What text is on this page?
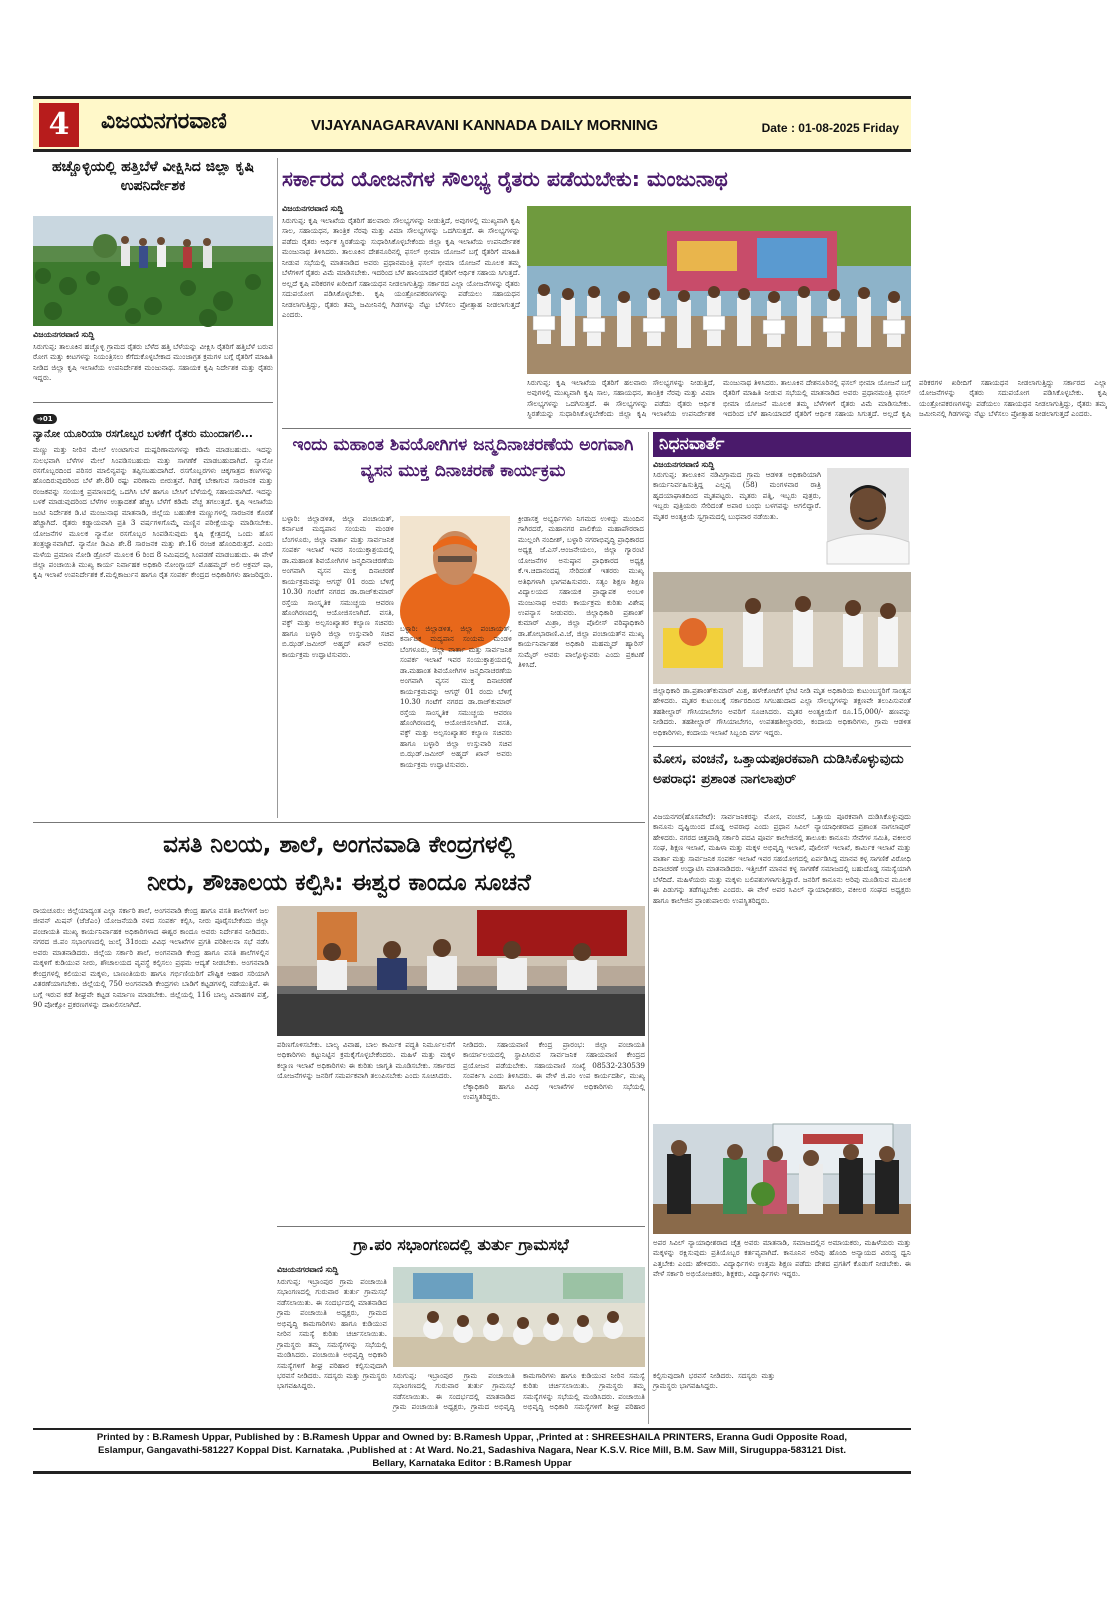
4	ವಿಜಯನಗರವಾಣಿ	VIJAYANAGARAVANI KANNADA DAILY MORNING	Date : 01-08-2025 Friday
ಹಚ್ಚೊಳ್ಳಿಯಲ್ಲಿ ಹತ್ತಿಬೆಳೆ ವೀಕ್ಷಿಸಿದ ಜಿಲ್ಲಾ ಕೃಷಿ ಉಪನಿರ್ದೇಶಕ
ವಿಜಯನಗರವಾಣಿ ಸುದ್ದಿ
ಸಿರುಗುಪ್ಪ: ತಾಲೂಕಿನ ಹಚ್ಚೊಳ್ಳಿ ಗ್ರಾಮದ ರೈತರು ಬೆಳೆದ ಹತ್ತಿ ಬೆಳೆಯನ್ನು ವೀಕ್ಷಿಸಿ ರೈತರಿಗೆ ಹತ್ತಿಬೆಳೆ ಬರುವ ರೋಗ ಮತ್ತು ಕೀಟಗಳನ್ನು ನಿಯಂತ್ರಿಸಲು ಕೆಗೆದುಕೊಳ್ಳಬೇಕಾದ ಮುಂಜಾಗ್ರತ ಕ್ರಮಗಳ ಬಗ್ಗೆ ರೈತರಿಗೆ ಮಾಹಿತಿ ನೀಡಿದ ಜಿಲ್ಲಾ ಕೃಷಿ ಇಲಾಖೆಯ ಉಪನಿರ್ದೇಶಕ ಮಂಜುನಾಥ. ಸಹಾಯಕ ಕೃಷಿ ನಿರ್ದೇಶಕ ಮತ್ತು ರೈತರು ಇದ್ದರು.
➔01
ನ್ಯಾನೋ ಯೂರಿಯಾ ರಸಗೊಬ್ಬರ ಬಳಕೆಗೆ ರೈತರು ಮುಂದಾಗಲಿ...
ಮಣ್ಣು ಮತ್ತು ನೀರಿನ ಮೇಲೆ ಉಂಟಾಗುವ ದುಷ್ಪರಿಣಾಮಗಳನ್ನು ಕಡಿಮೆ ಮಾಡಬಹುದು. ಇದನ್ನು ಸುಲಭವಾಗಿ ಬೆಳೆಗಳ ಮೇಲೆ ಸಿಂಪಡಿಸಬಹುದು ಮತ್ತು ಸಾಗಣೆಕೆ ಮಾಡಬಹುದಾಗಿದೆ. ನ್ಯಾನೋ ರಸಗೊಬ್ಬರದಿಂದ ಪರಿಸರ ಮಾಲಿನ್ಯವನ್ನು ತಪ್ಪಿಸಬಹುದಾಗಿದೆ. ರಸಗೊಬ್ಬರಗಳು ಚಿಕ್ಕಗಾತ್ರದ ಕಣಗಳನ್ನು ಹೊಂದಿರುವುದರಿಂದ ಬೆಳೆ ಶೇ.80 ರಷ್ಟು ಪರಿಣಾಮ ಬೀರುತ್ತವೆ. ಗಿಡಕ್ಕೆ ಬೇಕಾಗುವ ಸಾರಜನಕ ಮತ್ತು ರಂಜಕವನ್ನು ಸಂಯುಕ್ತ ಪ್ರಮಾಣದಲ್ಲಿ ಒದಗಿಸಿ ಬೆಳೆ ಹಾಗೂ ಬೇಸಿಗೆ ಬೆಳೆಯಲ್ಲಿ ಸಹಾಯವಾಗಿದೆ. ಇದನ್ನು ಬಳಕೆ ಮಾಡುವುದರಿಂದ ಬೆಳೆಗಳ ಉತ್ಪಾದಕತೆ ಹೆಚ್ಚಿಸಿ ಬೆಳೆಗೆ ಕಡಿಮೆ ವೆಚ್ಚ ತಗಲುತ್ತದೆ. ಕೃಷಿ ಇಲಾಖೆಯ ಜಂಟಿ ನಿರ್ದೇಶಕ ಡಿ.ಟಿ ಮಂಜುನಾಥ ಮಾತನಾಡಿ, ಜಿಲ್ಲೆಯ ಬಹುತೇಕ ಮಣ್ಣುಗಳಲ್ಲಿ ಸಾರಜನಕ ಕೊರತೆ ಹೆಚ್ಚಾಗಿದೆ. ರೈತರು ಕಡ್ಡಾಯವಾಗಿ ಪ್ರತಿ 3 ವರ್ಷಗಳಿಗೊಮ್ಮೆ ಮಣ್ಣಿನ ಪರೀಕ್ಷೆಯನ್ನು ಮಾಡಿಸಬೇಕು. ಯೋಜನೆಗಳ ಮೂಲಕ ನ್ಯಾನೋ ರಸಗೊಬ್ಬರ ಸಿಂಪಡಿಸುವುದು ಕೃಷಿ ಕ್ಷೇತ್ರದಲ್ಲಿ ಒಂದು ಹೊಸ ತಂತ್ರಜ್ಞಾನವಾಗಿದೆ. ನ್ಯಾನೋ ಡಿಎಪಿ ಶೇ.8 ಸಾರಜನಕ ಮತ್ತು ಶೇ.16 ರಂಜಕ ಹೊಂದಿರುತ್ತದೆ. ಎಂದು ಮಳೆಯ ಪ್ರಮಾಣ ನೋಡಿ ಡ್ರೋನ್ ಮೂಲಕ 6 ರಿಂದ 8 ನಿಮಿಷದಲ್ಲಿ ಸಿಂಪಡಣೆ ಮಾಡಬಹುದು. ಈ ವೇಳೆ ಜಿಲ್ಲಾ ಪಂಚಾಯಿತಿ ಮುಖ್ಯ ಕಾರ್ಯ ನಿರ್ವಾಹಕ ಅಧಿಕಾರಿ ನೋಂಗ್ಜಾಯ್ ಮೊಹಮ್ಮದ್ ಅಲಿ ಅಕ್ರಮ್ ಷಾ, ಕೃಷಿ ಇಲಾಖೆ ಉಪನಿರ್ದೇಶಕ ಕೆ.ಮಲ್ಲಿಕಾರ್ಜುನ ಹಾಗೂ ರೈತ ಸಂಪರ್ಕ ಕೇಂದ್ರದ ಅಧಿಕಾರಿಗಳು ಹಾಜರಿದ್ದರು.
ಸರ್ಕಾರದ ಯೋಜನೆಗಳ ಸೌಲಭ್ಯ ರೈತರು ಪಡೆಯಬೇಕು: ಮಂಜುನಾಥ
ವಿಜಯನಗರವಾಣಿ ಸುದ್ದಿ
ಸಿರುಗುಪ್ಪ: ಕೃಷಿ ಇಲಾಖೆಯ ರೈತರಿಗೆ ಹಲವಾರು ಸೌಲಭ್ಯಗಳನ್ನು ನೀಡುತ್ತಿದೆ, ಅವುಗಳಲ್ಲಿ ಮುಖ್ಯವಾಗಿ ಕೃಷಿ ಸಾಲ, ಸಹಾಯಧನ, ತಾಂತ್ರಿಕ ನೆರವು ಮತ್ತು ವಿಮಾ ಸೌಲಭ್ಯಗಳನ್ನು ಒದಗಿಸುತ್ತದೆ. ಈ ಸೌಲಭ್ಯಗಳನ್ನು ಪಡೆದು ರೈತರು ಆರ್ಥಿಕ ಸ್ಥಿರತೆಯನ್ನು ಸುಧಾರಿಸಿಕೊಳ್ಳಬೇಕೆಂದು ಜಿಲ್ಲಾ ಕೃಷಿ ಇಲಾಖೆಯ ಉಪನಿರ್ದೇಶಕ ಮಂಜುನಾಥ ತಿಳಿಸಿದರು. ತಾಲೂಕಿನ ದೇಶನೂರಿನಲ್ಲಿ ಫಸಲ್ ಭೀಮಾ ಯೋಜನೆ ಬಗ್ಗೆ ರೈತರಿಗೆ ಮಾಹಿತಿ ನೀಡುವ ಸಭೆಯಲ್ಲಿ ಮಾತನಾಡಿದ ಅವರು ಪ್ರಧಾನಮಂತ್ರಿ ಫಸಲ್ ಭೀಮಾ ಯೋಜನೆ ಮೂಲಕ ತಮ್ಮ ಬೆಳೆಗಳಿಗೆ ರೈತರು ವಿಮೆ ಮಾಡಿಸಬೇಕು. ಇದರಿಂದ ಬೆಳೆ ಹಾನಿಯಾದರೆ ರೈತರಿಗೆ ಆರ್ಥಿಕ ಸಹಾಯ ಸಿಗುತ್ತದೆ. ಅಲ್ಲದೆ ಕೃಷಿ ಪರಿಕರಗಳ ಖರೀದಿಗೆ ಸಹಾಯಧನ ನೀಡಲಾಗುತ್ತಿದ್ದು ಸರ್ಕಾರದ ಎಲ್ಲಾ ಯೋಜನೆಗಳನ್ನು ರೈತರು ಸದುಪಯೋಗ ಪಡಿಸಿಕೊಳ್ಳಬೇಕು. ಕೃಷಿ ಯಂತ್ರೋಪಕರಣಗಳನ್ನು ಪಡೆಯಲು ಸಹಾಯಧನ ನೀಡಲಾಗುತ್ತಿದ್ದು, ರೈತರು ತಮ್ಮ ಜಮೀನಿನಲ್ಲಿ ಗಿಡಗಳನ್ನು ನೆಟ್ಟು ಬೆಳೆಸಲು ಪ್ರೋತ್ಸಾಹ ನೀಡಲಾಗುತ್ತದೆ ಎಂದರು.
ಸಿರುಗುಪ್ಪ: ಕೃಷಿ ಇಲಾಖೆಯ ರೈತರಿಗೆ ಹಲವಾರು ಸೌಲಭ್ಯಗಳನ್ನು ನೀಡುತ್ತಿದೆ, ಅವುಗಳಲ್ಲಿ ಮುಖ್ಯವಾಗಿ ಕೃಷಿ ಸಾಲ, ಸಹಾಯಧನ, ತಾಂತ್ರಿಕ ನೆರವು ಮತ್ತು ವಿಮಾ ಸೌಲಭ್ಯಗಳನ್ನು ಒದಗಿಸುತ್ತದೆ. ಈ ಸೌಲಭ್ಯಗಳನ್ನು ಪಡೆದು ರೈತರು ಆರ್ಥಿಕ ಸ್ಥಿರತೆಯನ್ನು ಸುಧಾರಿಸಿಕೊಳ್ಳಬೇಕೆಂದು ಜಿಲ್ಲಾ ಕೃಷಿ ಇಲಾಖೆಯ ಉಪನಿರ್ದೇಶಕ ಮಂಜುನಾಥ ತಿಳಿಸಿದರು. ತಾಲೂಕಿನ ದೇಶನೂರಿನಲ್ಲಿ ಫಸಲ್ ಭೀಮಾ ಯೋಜನೆ ಬಗ್ಗೆ ರೈತರಿಗೆ ಮಾಹಿತಿ ನೀಡುವ ಸಭೆಯಲ್ಲಿ ಮಾತನಾಡಿದ ಅವರು ಪ್ರಧಾನಮಂತ್ರಿ ಫಸಲ್ ಭೀಮಾ ಯೋಜನೆ ಮೂಲಕ ತಮ್ಮ ಬೆಳೆಗಳಿಗೆ ರೈತರು ವಿಮೆ ಮಾಡಿಸಬೇಕು. ಇದರಿಂದ ಬೆಳೆ ಹಾನಿಯಾದರೆ ರೈತರಿಗೆ ಆರ್ಥಿಕ ಸಹಾಯ ಸಿಗುತ್ತದೆ. ಅಲ್ಲದೆ ಕೃಷಿ ಪರಿಕರಗಳ ಖರೀದಿಗೆ ಸಹಾಯಧನ ನೀಡಲಾಗುತ್ತಿದ್ದು ಸರ್ಕಾರದ ಎಲ್ಲಾ ಯೋಜನೆಗಳನ್ನು ರೈತರು ಸದುಪಯೋಗ ಪಡಿಸಿಕೊಳ್ಳಬೇಕು. ಕೃಷಿ ಯಂತ್ರೋಪಕರಣಗಳನ್ನು ಪಡೆಯಲು ಸಹಾಯಧನ ನೀಡಲಾಗುತ್ತಿದ್ದು, ರೈತರು ತಮ್ಮ ಜಮೀನಿನಲ್ಲಿ ಗಿಡಗಳನ್ನು ನೆಟ್ಟು ಬೆಳೆಸಲು ಪ್ರೋತ್ಸಾಹ ನೀಡಲಾಗುತ್ತದೆ ಎಂದರು.
ಇಂದು ಮಹಾಂತ ಶಿವಯೋಗಿಗಳ ಜನ್ಮದಿನಾಚರಣೆಯ ಅಂಗವಾಗಿ ವ್ಯಸನ ಮುಕ್ತ ದಿನಾಚರಣೆ ಕಾರ್ಯಕ್ರಮ
ಬಳ್ಳಾರಿ: ಜಿಲ್ಲಾಡಳಿತ, ಜಿಲ್ಲಾ ಪಂಚಾಯತ್, ಕರ್ನಾಟಕ ಮದ್ಯಪಾನ ಸಂಯಮ ಮಂಡಳಿ ಬೆಂಗಳೂರು, ಜಿಲ್ಲಾ ವಾರ್ತಾ ಮತ್ತು ಸಾರ್ವಜನಿಕ ಸಂಪರ್ಕ ಇಲಾಖೆ ಇವರ ಸಂಯುಕ್ತಾಶ್ರಯದಲ್ಲಿ ಡಾ.ಮಹಾಂತ ಶಿವಯೋಗಿಗಳ ಜನ್ಮದಿನಾಚರಣೆಯ ಅಂಗವಾಗಿ ವ್ಯಸನ ಮುಕ್ತ ದಿನಾಚರಣೆ ಕಾರ್ಯಕ್ರಮವನ್ನು ಆಗಸ್ಟ್ 01 ರಂದು ಬೆಳಿಗ್ಗೆ 10.30 ಗಂಟೆಗೆ ನಗರದ ಡಾ.ರಾಜ್‌ಕುಮಾರ್ ರಸ್ತೆಯ ಸಾಂಸ್ಕೃತಿಕ ಸಮುಚ್ಚಯ ಆವರಣ ಹೊಂಗಿರಣದಲ್ಲಿ ಆಯೋಜಿಸಲಾಗಿದೆ. ವಸತಿ, ವಕ್ಫ್ ಮತ್ತು ಅಲ್ಪಸಂಖ್ಯಾತರ ಕಲ್ಯಾಣ ಸಚಿವರು ಹಾಗೂ ಬಳ್ಳಾರಿ ಜಿಲ್ಲಾ ಉಸ್ತುವಾರಿ ಸಚಿವ ಬಿ.ಝಡ್.ಜಮೀರ್ ಅಹ್ಮದ್ ಖಾನ್ ಅವರು ಕಾರ್ಯಕ್ರಮ ಉದ್ಘಾಟಿಸುವರು.
ಬಳ್ಳಾರಿ: ಜಿಲ್ಲಾಡಳಿತ, ಜಿಲ್ಲಾ ಪಂಚಾಯತ್, ಕರ್ನಾಟಕ ಮದ್ಯಪಾನ ಸಂಯಮ ಮಂಡಳಿ ಬೆಂಗಳೂರು, ಜಿಲ್ಲಾ ವಾರ್ತಾ ಮತ್ತು ಸಾರ್ವಜನಿಕ ಸಂಪರ್ಕ ಇಲಾಖೆ ಇವರ ಸಂಯುಕ್ತಾಶ್ರಯದಲ್ಲಿ ಡಾ.ಮಹಾಂತ ಶಿವಯೋಗಿಗಳ ಜನ್ಮದಿನಾಚರಣೆಯ ಅಂಗವಾಗಿ ವ್ಯಸನ ಮುಕ್ತ ದಿನಾಚರಣೆ ಕಾರ್ಯಕ್ರಮವನ್ನು ಆಗಸ್ಟ್ 01 ರಂದು ಬೆಳಿಗ್ಗೆ 10.30 ಗಂಟೆಗೆ ನಗರದ ಡಾ.ರಾಜ್‌ಕುಮಾರ್ ರಸ್ತೆಯ ಸಾಂಸ್ಕೃತಿಕ ಸಮುಚ್ಚಯ ಆವರಣ ಹೊಂಗಿರಣದಲ್ಲಿ ಆಯೋಜಿಸಲಾಗಿದೆ. ವಸತಿ, ವಕ್ಫ್ ಮತ್ತು ಅಲ್ಪಸಂಖ್ಯಾತರ ಕಲ್ಯಾಣ ಸಚಿವರು ಹಾಗೂ ಬಳ್ಳಾರಿ ಜಿಲ್ಲಾ ಉಸ್ತುವಾರಿ ಸಚಿವ ಬಿ.ಝಡ್.ಜಮೀರ್ ಅಹ್ಮದ್ ಖಾನ್ ಅವರು ಕಾರ್ಯಕ್ರಮ ಉದ್ಘಾಟಿಸುವರು.
ಕ್ರೀಡಾಸಕ್ತ ಅಭ್ಯರ್ಥಿಗಳು ನಿಗಮದ ಉಳಿದ್ದು ಮುಂದಿನ ಗಾಗಿರದರೆ, ಮಹಾನಗರ ಪಾಲಿಕೆಯ ಮಹಾಪೌರರಾದ ಮುಲ್ಲಂಗಿ ನಂದೀಶ್, ಬಳ್ಳಾರಿ ನಗರಾಭಿವೃದ್ಧಿ ಪ್ರಾಧಿಕಾರದ ಅಧ್ಯಕ್ಷ ಜೆ.ಎಸ್.ಆಂಜನೇಯಲು, ಜಿಲ್ಲಾ ಗ್ಯಾರಂಟಿ ಯೋಜನೆಗಳ ಅನುಷ್ಠಾನ ಪ್ರಾಧಿಕಾರದ ಅಧ್ಯಕ್ಷ ಕೆ.ಇ.ಚಿದಾನಂದಪ್ಪ ಸೇರಿದಂತೆ ಇತರರು ಮುಖ್ಯ ಅತಿಥಿಗಳಾಗಿ ಭಾಗವಹಿಸುವರು. ಸತ್ಯಂ ಶಿಕ್ಷಣ ಶಿಕ್ಷಣ ವಿದ್ಯಾಲಯದ ಸಹಾಯಕ ಪ್ರಾಧ್ಯಾಪಕ ಅಂಬಳಿ ಮಂಜುನಾಥ ಅವರು ಕಾರ್ಯಕ್ರಮ ಕುರಿತು ವಿಶೇಷ ಉಪನ್ಯಾಸ ನೀಡುವರು. ಜಿಲ್ಲಾಧಿಕಾರಿ ಪ್ರಶಾಂತ್ ಕುಮಾರ್ ಮಿಶ್ರಾ, ಜಿಲ್ಲಾ ಪೊಲೀಸ್ ವರಿಷ್ಠಾಧಿಕಾರಿ ಡಾ.ಶೋಭಾರಾಣಿ.ವಿ.ಜೆ, ಜಿಲ್ಲಾ ಪಂಚಾಯತ್‌ನ ಮುಖ್ಯ ಕಾರ್ಯನಿರ್ವಾಹಕ ಅಧಿಕಾರಿ ಮಹಮ್ಮದ್ ಹ್ಯಾರಿಸ್ ಸುಮೈರ್ ಅವರು ಪಾಲ್ಗೊಳ್ಳುವರು ಎಂದು ಪ್ರಕಟಣೆ ತಿಳಿಸಿದೆ.
ನಿಧನವಾರ್ತೆ
ವಿಜಯನಗರವಾಣಿ ಸುದ್ದಿ
ಸಿರುಗುಪ್ಪ: ತಾಲೂಕಿನ ನಡಿವಿಗ್ರಾಮದ ಗ್ರಾಮ ಆಡಳಿತ ಅಧಿಕಾರಿಯಾಗಿ ಕಾರ್ಯನಿರ್ವಹಿಸುತ್ತಿದ್ದ ಎಲ್ಲಪ್ಪ (58) ಮಂಗಳವಾರ ರಾತ್ರಿ ಹೃದಯಾಘಾತದಿಂದ ಮೃತಪಟ್ಟರು. ಮೃತರು ಪತ್ನಿ, ಇಬ್ಬರು ಪುತ್ರರು, ಇಬ್ಬರು ಪುತ್ರಿಯರು ಸೇರಿದಂತೆ ಅಪಾರ ಬಂಧು ಬಳಗವನ್ನು ಅಗಲಿದ್ದಾರೆ. ಮೃತರ ಅಂತ್ಯಕ್ರಿಯೆ ಸ್ವಗ್ರಾಮದಲ್ಲಿ ಬುಧವಾರ ನಡೆಯಿತು.
ಜಿಲ್ಲಾಧಿಕಾರಿ ಡಾ.ಪ್ರಶಾಂತ್‌ಕುಮಾರ್ ಮಿಶ್ರ, ಹಳೇಕೋಟೆಗೆ ಭೇಟಿ ನೀಡಿ ಮೃತ ಅಧಿಕಾರಿಯ ಕುಟುಂಬಸ್ಥರಿಗೆ ಸಾಂತ್ವನ ಹೇಳಿದರು. ಮೃತರ ಕುಟುಂಬಕ್ಕೆ ಸರ್ಕಾರದಿಂದ ಸಿಗಬಹುದಾದ ಎಲ್ಲಾ ಸೌಲಭ್ಯಗಳನ್ನು ತಕ್ಷಣವೇ ತಲುಪಿಸುವಂತೆ ತಹಶೀಲ್ದಾರ್ ಗೌಸಿಯಾಬೇಗಂ ಅವರಿಗೆ ಸೂಚಿಸಿದರು. ಮೃತರ ಅಂತ್ಯಕ್ರಿಯೆಗೆ ರೂ.15,000/- ಹಣವನ್ನು ನೀಡಿದರು. ತಹಶೀಲ್ದಾರ್ ಗೌಸಿಯಾಬೇಗಂ, ಉಪತಹಶೀಲ್ದಾರರು, ಕಂದಾಯ ಅಧಿಕಾರಿಗಳು, ಗ್ರಾಮ ಆಡಳಿತ ಅಧಿಕಾರಿಗಳು, ಕಂದಾಯ ಇಲಾಖೆ ಸಿಬ್ಬಂದಿ ವರ್ಗ ಇದ್ದರು.
ಮೋಸ, ವಂಚನೆ, ಒತ್ತಾಯಪೂರಕವಾಗಿ ದುಡಿಸಿಕೊಳ್ಳುವುದು ಅಪರಾಧ: ಪ್ರಶಾಂತ ನಾಗಲಾಪುರ್
ವಿಜಯನಗರ(ಹೊಸಪೇಟೆ): ಸಾರ್ವಜನಿಕರನ್ನು ಮೋಸ, ವಂಚನೆ, ಒತ್ತಾಯ ಪೂರಕವಾಗಿ ದುಡಿಸಿಕೊಳ್ಳುವುದು ಕಾನೂನು ದೃಷ್ಟಿಯಿಂದ ದೊಡ್ಡ ಅಪರಾಧ ಎಂದು ಪ್ರಧಾನ ಸಿವಿಲ್ ನ್ಯಾಯಾಧೀಶರಾದ ಪ್ರಶಾಂತ ನಾಗಲಾಪುರ್ ಹೇಳಿದರು. ನಗರದ ಚಿತ್ತವಾಡ್ಗಿ ಸರ್ಕಾರಿ ಪದವಿ ಪೂರ್ವ ಕಾಲೇಜಿನಲ್ಲಿ ತಾಲೂಕು ಕಾನೂನು ಸೇವೆಗಳ ಸಮಿತಿ, ವಕೀಲರ ಸಂಘ, ಶಿಕ್ಷಣ ಇಲಾಖೆ, ಮಹಿಳಾ ಮತ್ತು ಮಕ್ಕಳ ಅಭಿವೃದ್ಧಿ ಇಲಾಖೆ, ಪೊಲೀಸ್ ಇಲಾಖೆ, ಕಾರ್ಮಿಕ ಇಲಾಖೆ ಮತ್ತು ವಾರ್ತಾ ಮತ್ತು ಸಾರ್ವಜನಿಕ ಸಂಪರ್ಕ ಇಲಾಖೆ ಇವರ ಸಹಯೋಗದಲ್ಲಿ ಏರ್ಪಡಿಸಿದ್ದ ಮಾನವ ಕಳ್ಳ ಸಾಗಣಿಕೆ ವಿರೋಧಿ ದಿನಾಚರಣೆ ಉದ್ಘಾಟಿಸಿ ಮಾತನಾಡಿದರು. ಇತ್ತೀಚೆಗೆ ಮಾನವ ಕಳ್ಳ ಸಾಗಣೆಕೆ ಸಮಾಜದಲ್ಲಿ ಬಹುದೊಡ್ಡ ಸಮಸ್ಯೆಯಾಗಿ ಬೆಳೆದಿದೆ. ಮಹಿಳೆಯರು ಮತ್ತು ಮಕ್ಕಳು ಬಲಿಪಶುಗಳಾಗುತ್ತಿದ್ದಾರೆ. ಜನರಿಗೆ ಕಾನೂನು ಅರಿವು ಮೂಡಿಸುವ ಮೂಲಕ ಈ ಪಿಡುಗನ್ನು ತಡೆಗಟ್ಟಬೇಕು ಎಂದರು. ಈ ವೇಳೆ ಅಪರ ಸಿವಿಲ್ ನ್ಯಾಯಾಧೀಶರು, ವಕೀಲರ ಸಂಘದ ಅಧ್ಯಕ್ಷರು ಹಾಗೂ ಕಾಲೇಜಿನ ಪ್ರಾಂಶುಪಾಲರು ಉಪಸ್ಥಿತರಿದ್ದರು.
ಅಪರ ಸಿವಿಲ್ ನ್ಯಾಯಾಧೀಶರಾದ ಚೈತ್ರ ಅವರು ಮಾತನಾಡಿ, ಸಮಾಜದಲ್ಲಿನ ಅಮಾಯಕರು, ಮಹಿಳೆಯರು ಮತ್ತು ಮಕ್ಕಳನ್ನು ರಕ್ಷಿಸುವುದು ಪ್ರತಿಯೊಬ್ಬರ ಕರ್ತವ್ಯವಾಗಿದೆ. ಕಾನೂನಿನ ಅರಿವು ಹೊಂದಿ ಅನ್ಯಾಯದ ವಿರುದ್ಧ ಧ್ವನಿ ಎತ್ತಬೇಕು ಎಂದು ಹೇಳಿದರು. ವಿದ್ಯಾರ್ಥಿಗಳು ಉತ್ತಮ ಶಿಕ್ಷಣ ಪಡೆದು ದೇಶದ ಪ್ರಗತಿಗೆ ಕೊಡುಗೆ ನೀಡಬೇಕು. ಈ ವೇಳೆ ಸರ್ಕಾರಿ ಅಭಿಯೋಜಕರು, ಶಿಕ್ಷಕರು, ವಿದ್ಯಾರ್ಥಿಗಳು ಇದ್ದರು.
ವಸತಿ ನಿಲಯ, ಶಾಲೆ, ಅಂಗನವಾಡಿ ಕೇಂದ್ರಗಳಲ್ಲಿ
ನೀರು, ಶೌಚಾಲಯ ಕಲ್ಪಿಸಿ: ಈಶ್ವರ ಕಾಂದೂ ಸೂಚನೆ
ರಾಯಚೂರು: ಜಿಲ್ಲೆಯಾದ್ಯಂತ ಎಲ್ಲಾ ಸರ್ಕಾರಿ ಶಾಲೆ, ಅಂಗನವಾಡಿ ಕೇಂದ್ರ ಹಾಗೂ ವಸತಿ ಶಾಲೆಗಳಿಗೆ ಜಲ ಜೀವನ್ ಮಿಷನ್ (ಜೆಜೆಎಂ) ಯೋಜನೆಯಡಿ ನಳದ ಸಂಪರ್ಕ ಕಲ್ಪಿಸಿ, ನೀರು ಪೂರೈಸಬೇಕೆಂದು ಜಿಲ್ಲಾ ಪಂಚಾಯತಿ ಮುಖ್ಯ ಕಾರ್ಯನಿರ್ವಾಹಕ ಅಧಿಕಾರಿಗಳಾದ ಈಶ್ವರ ಕಾಂದೂ ಅವರು ನಿರ್ದೇಶನ ನೀಡಿದರು. ನಗರದ ಜಿ.ಪಂ ಸಭಾಂಗಣದಲ್ಲಿ ಜುಲೈ 31ರಂದು ವಿವಿಧ ಇಲಾಖೆಗಳ ಪ್ರಗತಿ ಪರಿಶೀಲನಾ ಸಭೆ ನಡೆಸಿ ಅವರು ಮಾತನಾಡಿದರು. ಜಿಲ್ಲೆಯ ಸರ್ಕಾರಿ ಶಾಲೆ, ಅಂಗನವಾಡಿ ಕೇಂದ್ರ ಹಾಗೂ ವಸತಿ ಶಾಲೆಗಳಲ್ಲಿನ ಮಕ್ಕಳಿಗೆ ಕುಡಿಯುವ ನೀರು, ಶೌಚಾಲಯದ ವ್ಯವಸ್ಥೆ ಕಲ್ಪಿಸಲು ಪ್ರಥಮ ಆದ್ಯತೆ ನೀಡಬೇಕು. ಅಂಗನವಾಡಿ ಕೇಂದ್ರಗಳಲ್ಲಿ ಕಲಿಯುವ ಮಕ್ಕಳು, ಬಾಣಂತಿಯರು ಹಾಗೂ ಗರ್ಭಿಣಿಯರಿಗೆ ಪೌಷ್ಟಿಕ ಆಹಾರ ಸರಿಯಾಗಿ ವಿತರಣೆಯಾಗಬೇಕು. ಜಿಲ್ಲೆಯಲ್ಲಿ 750 ಅಂಗನವಾಡಿ ಕೇಂದ್ರಗಳು ಬಾಡಿಗೆ ಕಟ್ಟಡಗಳಲ್ಲಿ ನಡೆಯುತ್ತಿವೆ. ಈ ಬಗ್ಗೆ ಇರುವ ಕಡೆ ಶೀಘ್ರವೇ ಕಟ್ಟಡ ನಿರ್ಮಾಣ ಮಾಡಬೇಕು. ಜಿಲ್ಲೆಯಲ್ಲಿ 116 ಬಾಲ್ಯ ವಿವಾಹಗಳ ಪತ್ತೆ, 90 ಪೋಕ್ಸೋ ಪ್ರಕರಣಗಳನ್ನು ದಾಖಲಿಸಲಾಗಿದೆ.
ಪರಿಣಗೊಳಿಸಬೇಕು. ಬಾಲ್ಯ ವಿವಾಹ, ಬಾಲ ಕಾರ್ಮಿಕ ಪದ್ಧತಿ ನಿರ್ಮೂಲನೆಗೆ ಅಧಿಕಾರಿಗಳು ಕಟ್ಟುನಿಟ್ಟಿನ ಕ್ರಮಕೈಗೊಳ್ಳಬೇಕೆಂದರು. ಮಹಿಳೆ ಮತ್ತು ಮಕ್ಕಳ ಕಲ್ಯಾಣ ಇಲಾಖೆ ಅಧಿಕಾರಿಗಳು ಈ ಕುರಿತು ಜಾಗೃತಿ ಮೂಡಿಸಬೇಕು. ಸರ್ಕಾರದ ಯೋಜನೆಗಳನ್ನು ಜನರಿಗೆ ಸಮರ್ಪಕವಾಗಿ ತಲುಪಿಸಬೇಕು ಎಂದು ಸೂಚಿಸಿದರು.
ನೀಡಿದರು. ಸಹಾಯವಾಣಿ ಕೇಂದ್ರ ಪ್ರಾರಂಭ: ಜಿಲ್ಲಾ ಪಂಚಾಯತಿ ಕಾರ್ಯಾಲಯದಲ್ಲಿ ಸ್ಥಾಪಿಸಿರುವ ಸಾರ್ವಜನಿಕ ಸಹಾಯವಾಣಿ ಕೇಂದ್ರದ ಪ್ರಯೋಜನ ಪಡೆಯಬೇಕು. ಸಹಾಯವಾಣಿ ಸಂಖ್ಯೆ 08532-230539 ಸಂಪರ್ಕಿಸಿ ಎಂದು ತಿಳಿಸಿದರು. ಈ ವೇಳೆ ಜಿ.ಪಂ ಉಪ ಕಾರ್ಯದರ್ಶಿ, ಮುಖ್ಯ ಲೆಕ್ಕಾಧಿಕಾರಿ ಹಾಗೂ ವಿವಿಧ ಇಲಾಖೆಗಳ ಅಧಿಕಾರಿಗಳು ಸಭೆಯಲ್ಲಿ ಉಪಸ್ಥಿತರಿದ್ದರು.
ಗ್ರಾ.ಪಂ ಸಭಾಂಗಣದಲ್ಲಿ ತುರ್ತು ಗ್ರಾಮಸಭೆ
ವಿಜಯನಗರವಾಣಿ ಸುದ್ದಿ
ಸಿರುಗುಪ್ಪ: ಇಬ್ರಾಂಪುರ ಗ್ರಾಮ ಪಂಚಾಯಿತಿ ಸಭಾಂಗಣದಲ್ಲಿ ಗುರುವಾರ ತುರ್ತು ಗ್ರಾಮಸಭೆ ನಡೆಸಲಾಯಿತು. ಈ ಸಂದರ್ಭದಲ್ಲಿ ಮಾತನಾಡಿದ ಗ್ರಾಮ ಪಂಚಾಯಿತಿ ಅಧ್ಯಕ್ಷರು, ಗ್ರಾಮದ ಅಭಿವೃದ್ಧಿ ಕಾಮಗಾರಿಗಳು ಹಾಗೂ ಕುಡಿಯುವ ನೀರಿನ ಸಮಸ್ಯೆ ಕುರಿತು ಚರ್ಚಿಸಲಾಯಿತು. ಗ್ರಾಮಸ್ಥರು ತಮ್ಮ ಸಮಸ್ಯೆಗಳನ್ನು ಸಭೆಯಲ್ಲಿ ಮಂಡಿಸಿದರು. ಪಂಚಾಯಿತಿ ಅಭಿವೃದ್ಧಿ ಅಧಿಕಾರಿ ಸಮಸ್ಯೆಗಳಿಗೆ ಶೀಘ್ರ ಪರಿಹಾರ ಕಲ್ಪಿಸುವುದಾಗಿ ಭರವಸೆ ನೀಡಿದರು. ಸದಸ್ಯರು ಮತ್ತು ಗ್ರಾಮಸ್ಥರು ಭಾಗವಹಿಸಿದ್ದರು.
ಸಿರುಗುಪ್ಪ: ಇಬ್ರಾಂಪುರ ಗ್ರಾಮ ಪಂಚಾಯಿತಿ ಸಭಾಂಗಣದಲ್ಲಿ ಗುರುವಾರ ತುರ್ತು ಗ್ರಾಮಸಭೆ ನಡೆಸಲಾಯಿತು. ಈ ಸಂದರ್ಭದಲ್ಲಿ ಮಾತನಾಡಿದ ಗ್ರಾಮ ಪಂಚಾಯಿತಿ ಅಧ್ಯಕ್ಷರು, ಗ್ರಾಮದ ಅಭಿವೃದ್ಧಿ ಕಾಮಗಾರಿಗಳು ಹಾಗೂ ಕುಡಿಯುವ ನೀರಿನ ಸಮಸ್ಯೆ ಕುರಿತು ಚರ್ಚಿಸಲಾಯಿತು. ಗ್ರಾಮಸ್ಥರು ತಮ್ಮ ಸಮಸ್ಯೆಗಳನ್ನು ಸಭೆಯಲ್ಲಿ ಮಂಡಿಸಿದರು. ಪಂಚಾಯಿತಿ ಅಭಿವೃದ್ಧಿ ಅಧಿಕಾರಿ ಸಮಸ್ಯೆಗಳಿಗೆ ಶೀಘ್ರ ಪರಿಹಾರ ಕಲ್ಪಿಸುವುದಾಗಿ ಭರವಸೆ ನೀಡಿದರು. ಸದಸ್ಯರು ಮತ್ತು ಗ್ರಾಮಸ್ಥರು ಭಾಗವಹಿಸಿದ್ದರು.
Printed by : B.Ramesh Uppar, Published by : B.Ramesh Uppar and Owned by: B.Ramesh Uppar, ,Printed at : SHREESHAILA PRINTERS, Eranna Gudi Opposite Road,
Eslampur, Gangavathi-581227 Koppal Dist. Karnataka. ,Published at : At Ward. No.21, Sadashiva Nagara, Near K.S.V. Rice Mill, B.M. Saw Mill, Siruguppa-583121 Dist.
Bellary, Karnataka Editor : B.Ramesh Uppar
